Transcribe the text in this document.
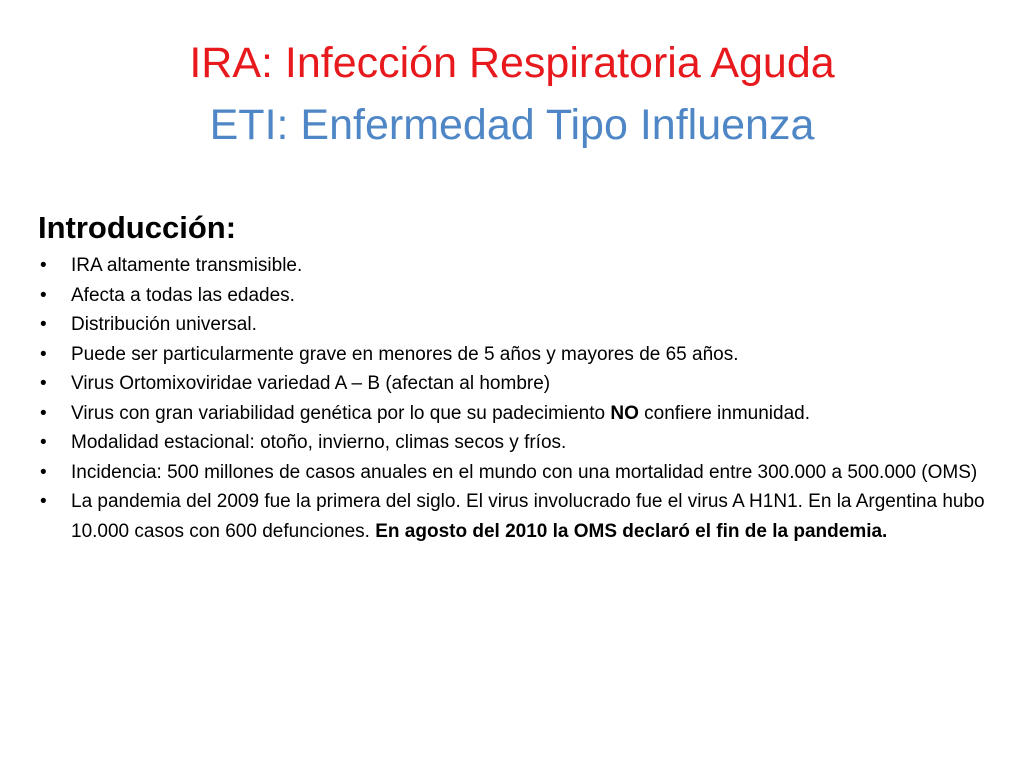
IRA: Infección Respiratoria Aguda
ETI: Enfermedad Tipo Influenza
Introducción:
• IRA altamente transmisible.
• Afecta a todas las edades.
• Distribución universal.
• Puede ser particularmente grave en menores de 5 años y mayores de 65 años.
• Virus Ortomixoviridae variedad A – B (afectan al hombre)
• Virus con gran variabilidad genética por lo que su padecimiento NO confiere inmunidad.
• Modalidad estacional: otoño, invierno, climas secos y fríos.
• Incidencia: 500 millones de casos anuales en el mundo con una mortalidad entre 300.000 a 500.000 (OMS)
• La pandemia del 2009 fue la primera del siglo. El virus involucrado fue el virus A H1N1. En la Argentina hubo 10.000 casos con 600 defunciones. En agosto del 2010 la OMS declaró el fin de la pandemia.
